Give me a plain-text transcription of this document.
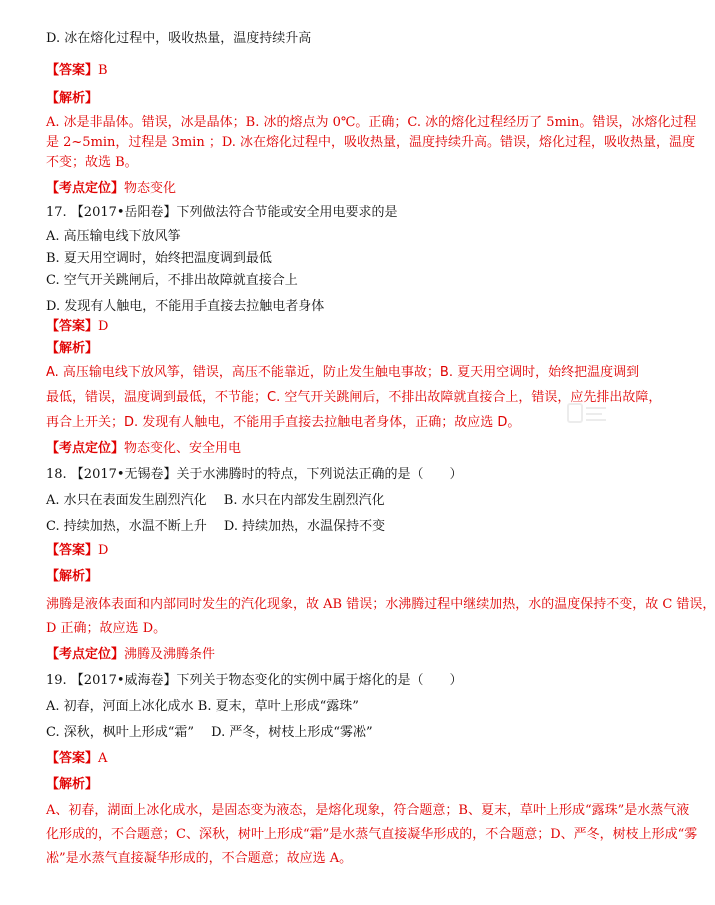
D. 冰在熔化过程中，吸收热量，温度持续升高
【答案】B
【解析】
A. 冰是非晶体。错误，冰是晶体；B. 冰的熔点为 0℃。正确；C. 冰的熔化过程经历了 5min。错误，冰熔化过程
是 2~5min，过程是 3min ；D. 冰在熔化过程中，吸收热量，温度持续升高。错误，熔化过程，吸收热量，温度
不变；故选 B。
【考点定位】物态变化
17. 【2017•岳阳卷】下列做法符合节能或安全用电要求的是
A. 高压输电线下放风筝
B. 夏天用空调时，始终把温度调到最低
C. 空气开关跳闸后，不排出故障就直接合上
D. 发现有人触电，不能用手直接去拉触电者身体
【答案】D
【解析】
A. 高压输电线下放风筝，错误，高压不能靠近，防止发生触电事故；B. 夏天用空调时，始终把温度调到
最低，错误，温度调到最低，不节能；C. 空气开关跳闸后，不排出故障就直接合上，错误，应先排出故障，
再合上开关；D. 发现有人触电，不能用手直接去拉触电者身体，正确；故应选 D。
【考点定位】物态变化、安全用电
18. 【2017•无锡卷】关于水沸腾时的特点，下列说法正确的是（　　）
A. 水只在表面发生剧烈汽化　 B. 水只在内部发生剧烈汽化
C. 持续加热，水温不断上升　 D. 持续加热，水温保持不变
【答案】D
【解析】
沸腾是液体表面和内部同时发生的汽化现象，故 AB 错误；水沸腾过程中继续加热，水的温度保持不变，故 C 错误，
D 正确；故应选 D。
【考点定位】沸腾及沸腾条件
19. 【2017•威海卷】下列关于物态变化的实例中属于熔化的是（　　）
A. 初春，河面上冰化成水 B. 夏末，草叶上形成“露珠”
C. 深秋，枫叶上形成“霜”　 D. 严冬，树枝上形成“雾凇”
【答案】A
【解析】
A、初春，湖面上冰化成水，是固态变为液态，是熔化现象，符合题意；B、夏末，草叶上形成“露珠”是水蒸气液
化形成的，不合题意；C、深秋，树叶上形成“霜”是水蒸气直接凝华形成的，不合题意；D、严冬，树枝上形成“雾
凇”是水蒸气直接凝华形成的，不合题意；故应选 A。
